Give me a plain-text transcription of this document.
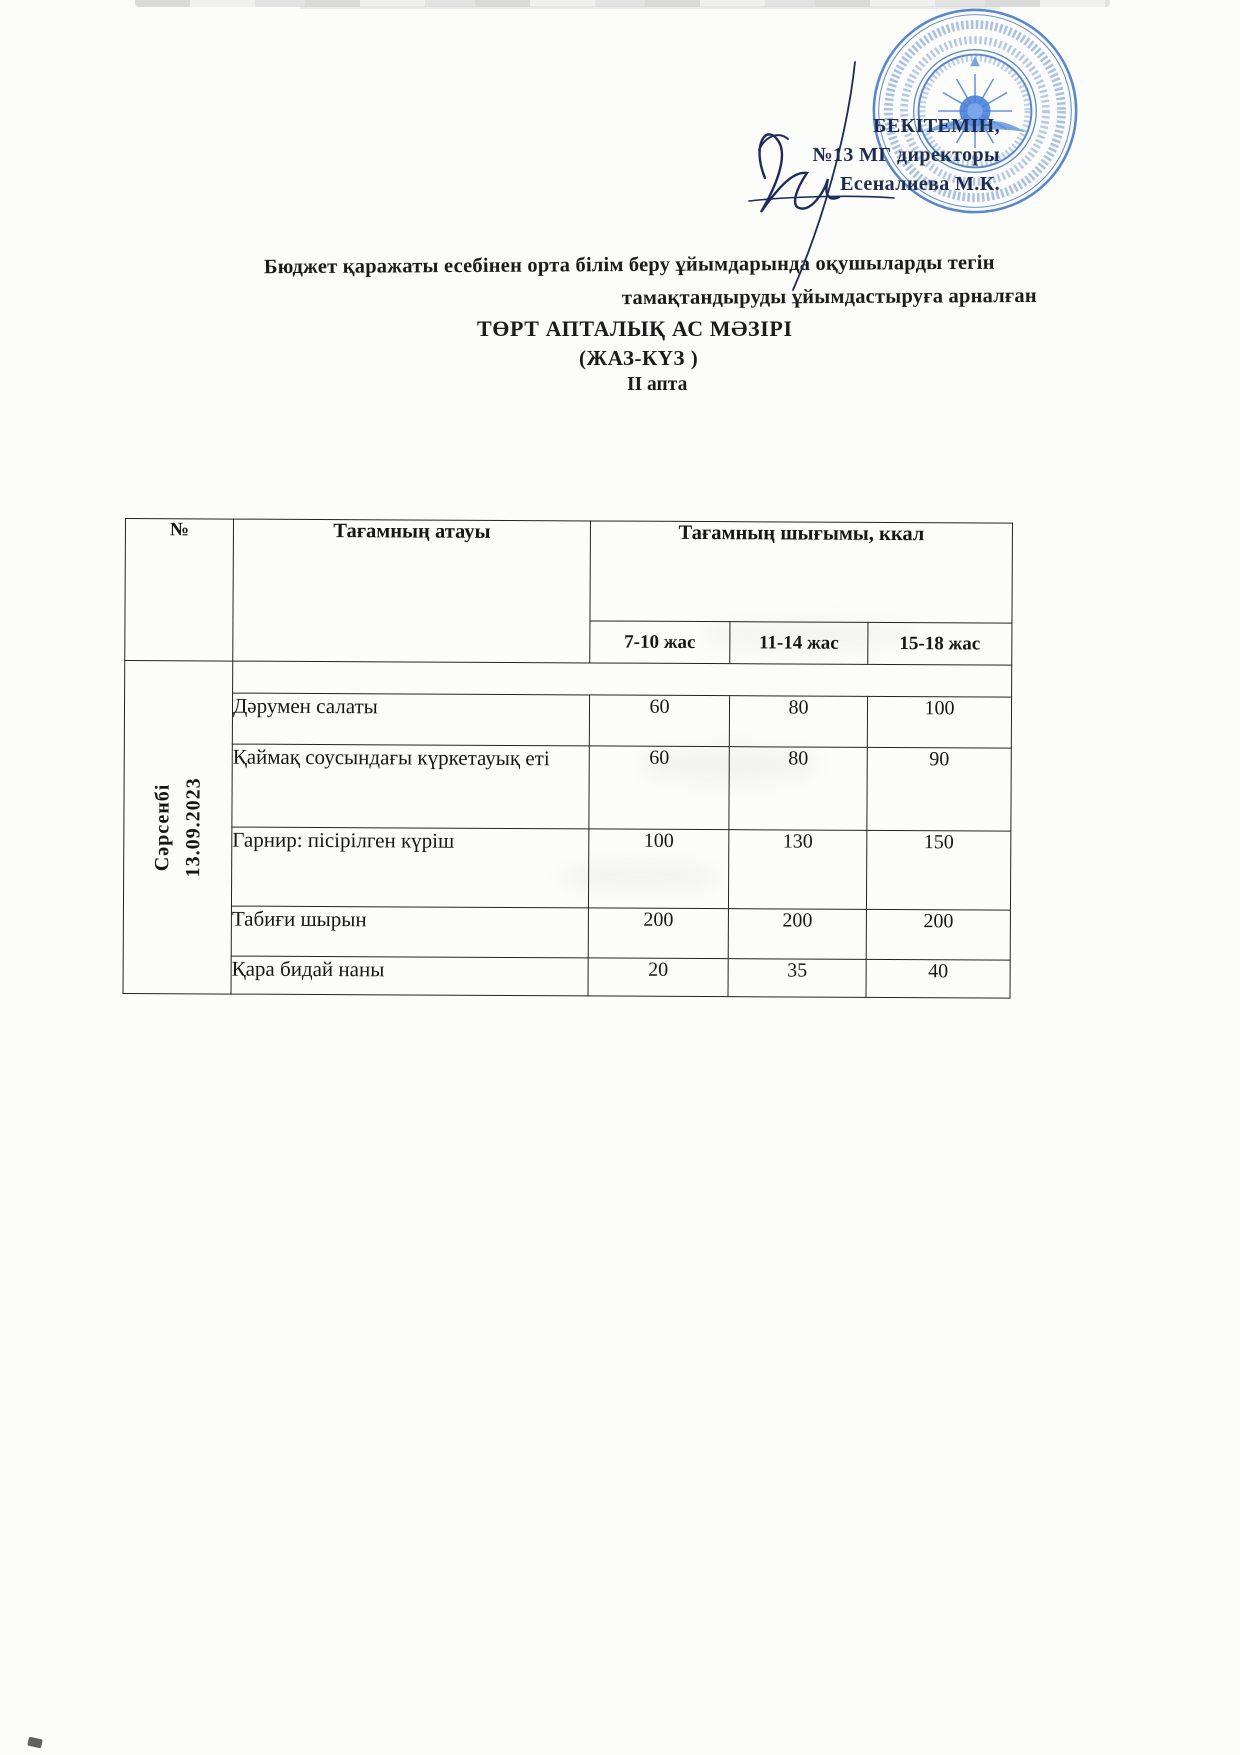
БЕКІТЕМІН,
№13 МГ директоры
Есеналиева М.К.
Бюджет қаражаты есебінен орта білім беру ұйымдарында оқушыларды тегін
тамақтандыруды ұйымдастыруға арналған
ТӨРТ АПТАЛЫҚ АС МӘЗІРІ
(ЖАЗ-КҮЗ )
II апта
№	Тағамның атауы	Тағамның шығымы, ккал		
		7-10 жас	11-14 жас	15-18 жас

Сәрсенбі 13.09.2023				

	Дәрумен салаты	60	80	100
	Қаймақ соусындағы күркетауық еті	60	80	90
	Гарнир: пісірілген күріш	100	130	150
	Табиғи шырын	200	200	200
	Қара бидай наны	20	35	40
